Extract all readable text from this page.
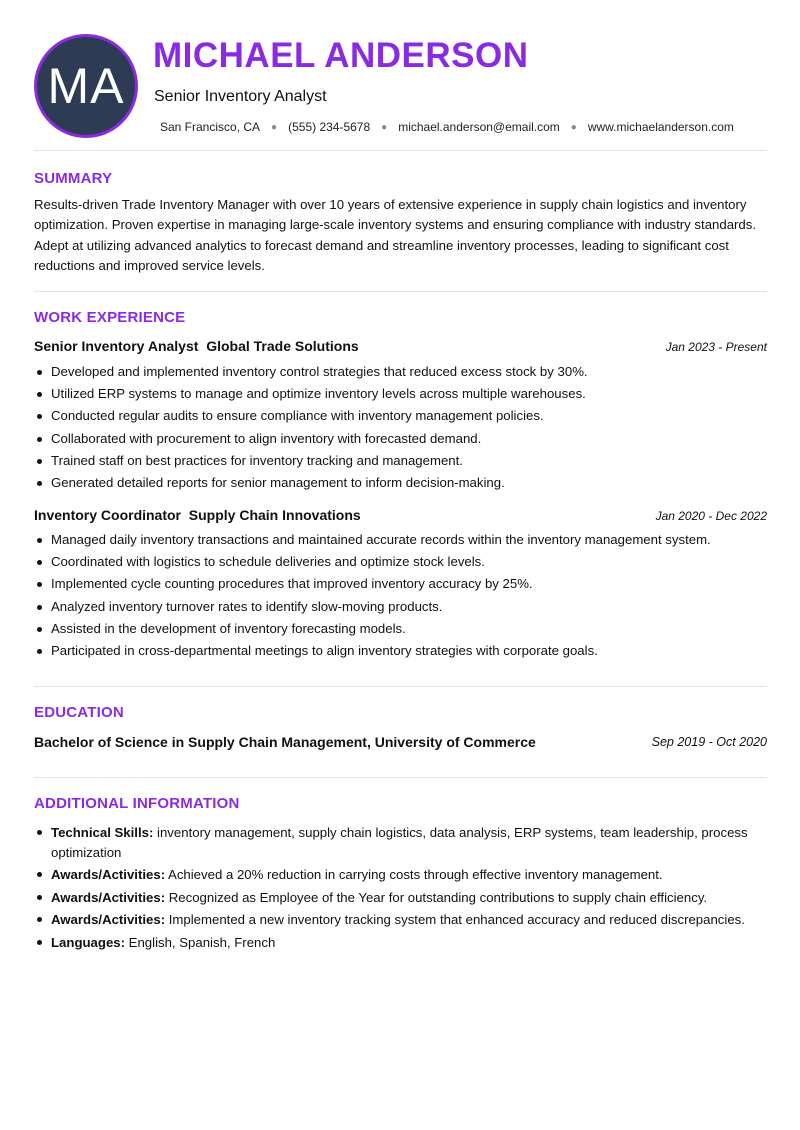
MA
MICHAEL ANDERSON
Senior Inventory Analyst
San Francisco, CA ● (555) 234-5678 ● michael.anderson@email.com ● www.michaelanderson.com
SUMMARY
Results-driven Trade Inventory Manager with over 10 years of extensive experience in supply chain logistics and inventory optimization. Proven expertise in managing large-scale inventory systems and ensuring compliance with industry standards. Adept at utilizing advanced analytics to forecast demand and streamline inventory processes, leading to significant cost reductions and improved service levels.
WORK EXPERIENCE
Senior Inventory Analyst  Global Trade Solutions	Jan 2023 - Present
Developed and implemented inventory control strategies that reduced excess stock by 30%.
Utilized ERP systems to manage and optimize inventory levels across multiple warehouses.
Conducted regular audits to ensure compliance with inventory management policies.
Collaborated with procurement to align inventory with forecasted demand.
Trained staff on best practices for inventory tracking and management.
Generated detailed reports for senior management to inform decision-making.
Inventory Coordinator  Supply Chain Innovations	Jan 2020 - Dec 2022
Managed daily inventory transactions and maintained accurate records within the inventory management system.
Coordinated with logistics to schedule deliveries and optimize stock levels.
Implemented cycle counting procedures that improved inventory accuracy by 25%.
Analyzed inventory turnover rates to identify slow-moving products.
Assisted in the development of inventory forecasting models.
Participated in cross-departmental meetings to align inventory strategies with corporate goals.
EDUCATION
Bachelor of Science in Supply Chain Management, University of Commerce	Sep 2019 - Oct 2020
ADDITIONAL INFORMATION
Technical Skills: inventory management, supply chain logistics, data analysis, ERP systems, team leadership, process optimization
Awards/Activities: Achieved a 20% reduction in carrying costs through effective inventory management.
Awards/Activities: Recognized as Employee of the Year for outstanding contributions to supply chain efficiency.
Awards/Activities: Implemented a new inventory tracking system that enhanced accuracy and reduced discrepancies.
Languages: English, Spanish, French
